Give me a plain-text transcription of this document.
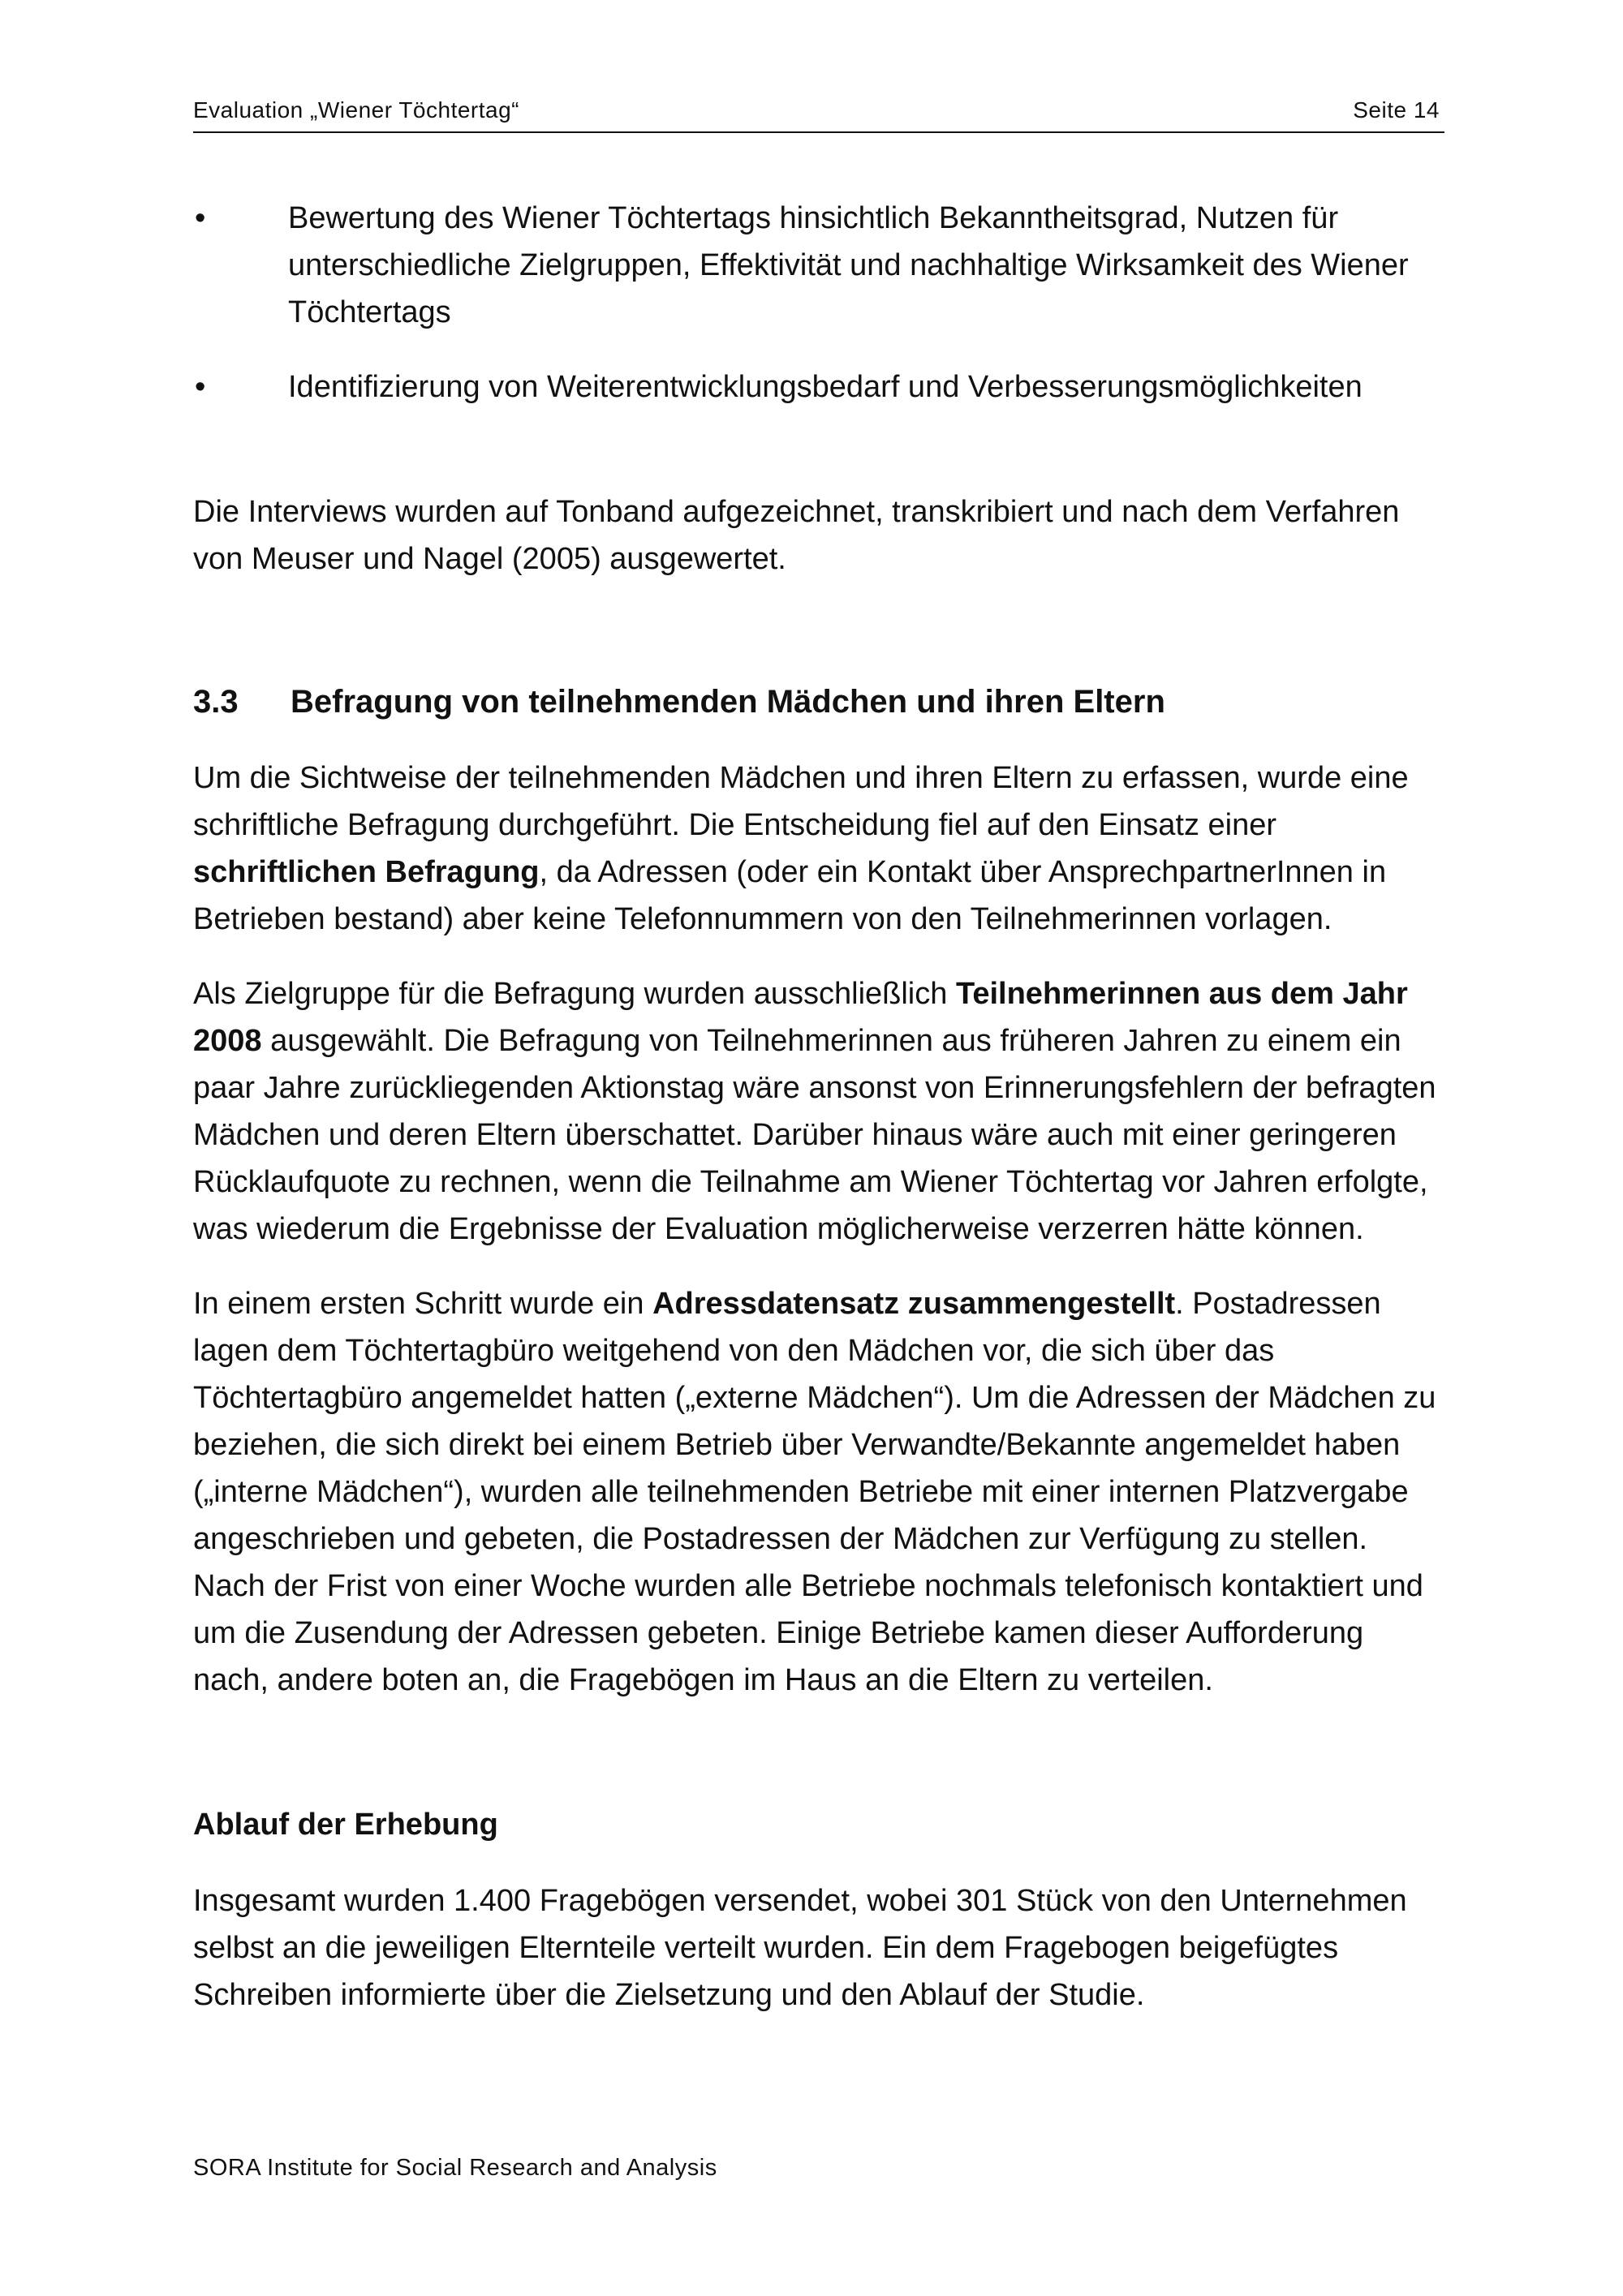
Evaluation „Wiener Töchtertag“	Seite 14
•	Bewertung des Wiener Töchtertags hinsichtlich Bekanntheitsgrad, Nutzen für unterschiedliche Zielgruppen, Effektivität und nachhaltige Wirksamkeit des Wiener Töchtertags
•	Identifizierung von Weiterentwicklungsbedarf und Verbesserungsmöglichkeiten

Die Interviews wurden auf Tonband aufgezeichnet, transkribiert und nach dem Verfahren von Meuser und Nagel (2005) ausgewertet.

3.3 Befragung von teilnehmenden Mädchen und ihren Eltern

Um die Sichtweise der teilnehmenden Mädchen und ihren Eltern zu erfassen, wurde eine schriftliche Befragung durchgeführt. Die Entscheidung fiel auf den Einsatz einer schriftlichen Befragung, da Adressen (oder ein Kontakt über AnsprechpartnerInnen in Betrieben bestand) aber keine Telefonnummern von den Teilnehmerinnen vorlagen.

Als Zielgruppe für die Befragung wurden ausschließlich Teilnehmerinnen aus dem Jahr 2008 ausgewählt. Die Befragung von Teilnehmerinnen aus früheren Jahren zu einem ein paar Jahre zurückliegenden Aktionstag wäre ansonst von Erinnerungsfehlern der befragten Mädchen und deren Eltern überschattet. Darüber hinaus wäre auch mit einer geringeren Rücklaufquote zu rechnen, wenn die Teilnahme am Wiener Töchtertag vor Jahren erfolgte, was wiederum die Ergebnisse der Evaluation möglicherweise verzerren hätte können.

In einem ersten Schritt wurde ein Adressdatensatz zusammengestellt. Postadressen lagen dem Töchtertagbüro weitgehend von den Mädchen vor, die sich über das Töchtertagbüro angemeldet hatten („externe Mädchen“). Um die Adressen der Mädchen zu beziehen, die sich direkt bei einem Betrieb über Verwandte/Bekannte angemeldet haben („interne Mädchen“), wurden alle teilnehmenden Betriebe mit einer internen Platzvergabe angeschrieben und gebeten, die Postadressen der Mädchen zur Verfügung zu stellen. Nach der Frist von einer Woche wurden alle Betriebe nochmals telefonisch kontaktiert und um die Zusendung der Adressen gebeten. Einige Betriebe kamen dieser Aufforderung nach, andere boten an, die Fragebögen im Haus an die Eltern zu verteilen.

Ablauf der Erhebung

Insgesamt wurden 1.400 Fragebögen versendet, wobei 301 Stück von den Unternehmen selbst an die jeweiligen Elternteile verteilt wurden. Ein dem Fragebogen beigefügtes Schreiben informierte über die Zielsetzung und den Ablauf der Studie.

SORA Institute for Social Research and Analysis
